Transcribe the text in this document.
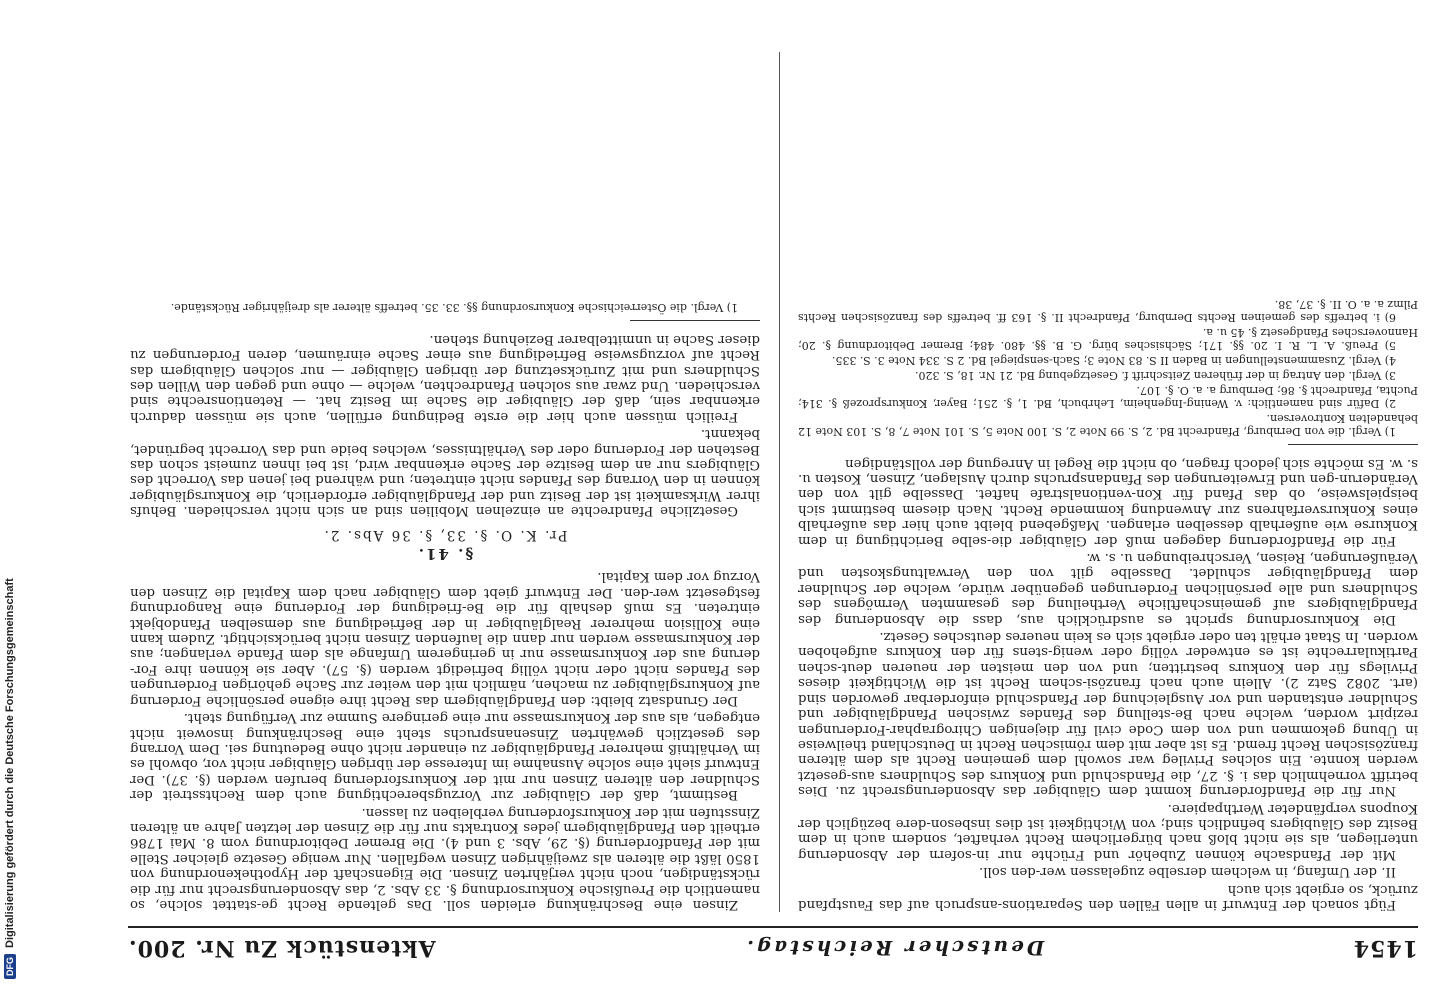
DFG
Digitalisierung gefördert durch die Deutsche Forschungsgemeinschaft	1454
Deutscher Reichstag.
Aktenstück Zu Nr. 200.

Fügt sonach der Entwurf in allen Fällen den Separations-anspruch auf das Faustpfand zurück, so ergiebt sich auch

II. der Umfang, in welchem derselbe zugelassen wer-den soll.

Mit der Pfandsache können Zubehör und Früchte nur in-sofern der Absonderung unterliegen, als sie nicht bloß nach bürgerlichem Recht verhaftet, sondern auch in dem Besitz des Gläubigers befindlich sind; von Wichtigkeit ist dies insbeson-dere bezüglich der Koupons verpfändeter Werthpapiere.

Nur für die Pfandforderung kommt dem Gläubiger das Absonderungsrecht zu. Dies betrifft vornehmlich das i. §. 27, die Pfandschuld und Konkurs des Schuldners aus-gesetzt werden konnte. Ein solches Privileg war sowohl dem gemeinen Recht als dem älteren französischen Recht fremd. Es ist aber mit dem römischen Recht in Deutschland theilweise in Übung gekommen und von dem Code civil für diejenigen Chirographar-Forderungen rezipirt worden, welche nach Be-stellung des Pfandes zwischen Pfandgläubiger und Schuldner entstanden und vor Ausgleichung der Pfandschuld einforderbar geworden sind (art. 2082 Satz 2). Allein auch nach französi-schem Recht ist die Wichtigkeit dieses Privilegs für den Konkurs bestritten; und von den meisten der neueren deut-schen Partikularrechte ist es entweder völlig oder wenig-stens für den Konkurs aufgehoben worden. In Staat erhält ten oder ergiebt sich es kein neueres deutsches Gesetz.

Die Konkursordnung spricht es ausdrücklich aus, dass die Absonderung des Pfandgläubigers auf gemeinschaftliche Vertheilung des gesammten Vermögens des Schuldners und alle persönlichen Forderungen gegenüber würde, welche der Schuldner dem Pfandgläubiger schuldet. Dasselbe gilt von den Verwaltungskosten und Veräußerungen, Reisen, Verschreibungen u. s. w.

Für die Pfandforderung dagegen muß der Gläubiger die-selbe Berichtigung in dem Konkurse wie außerhalb desselben erlangen. Maßgebend bleibt auch hier das außerhalb eines Konkursverfahrens zur Anwendung kommende Recht. Nach diesem bestimmt sich beispielsweise, ob das Pfand für Kon-ventionalstrafe haftet. Dasselbe gilt von den Veränderun-gen und Erweiterungen des Pfandanspruchs durch Auslagen, Zinsen, Kosten u. s. w. Es möchte sich jedoch fragen, ob nicht die Regel in Anregung der vollständigen

1) Vergl. die von Dernburg, Pfandrecht Bd. 2, S. 99 Note 2, S. 100 Note 5, S. 101 Note 7, 8, S. 103 Note 12 behandelten Kontroversen.

2) Dafür sind namentlich: v. Wening-Ingenheim, Lehrbuch, Bd. 1, §. 251; Bayer, Konkursprozeß §. 314; Puchta, Pfandrecht §. 86; Dernburg a. a. O. §. 107.

3) Vergl. den Antrag in der früheren Zeitschrift f. Gesetzgebung Bd. 21 Nr. 18, S. 320.

4) Vergl. Zusammenstellungen in Baden II S. 83 Note 3; Sach-senspiegel Bd. 2 S. 334 Note 3. S. 335.

5) Preuß. A. L. R. I. 20. §§. 171; Sächsisches bürg. G. B. §§. 480. 484; Bremer Debitordnung §. 20; Hannoversches Pfandgesetz §. 45 u. a.

6) i. betreffs des gemeinen Rechts Dernburg, Pfandrecht II. §. 163 ff. betreffs des französischen Rechts Pilmz a. a. O. II. §. 37, 38.

Zinsen eine Beschränkung erleiden soll. Das geltende Recht ge-stattet solche, so namentlich die Preußische Konkursordnung §. 33 Abs. 2, das Absonderungsrecht nur für die rückständigen, noch nicht verjährten Zinsen. Die Eigenschaft der Hypothekenordnung von 1850 läßt die älteren als zweijährigen Zinsen wegfallen. Nur wenige Gesetze gleicher Stelle mit der Pfandforderung (§. 29, Abs. 3 und 4). Die Bremer Debitordnung vom 8. Mai 1786 ertheilt den Pfandgläubigern jedes Kontrakts nur für die Zinsen der letzten Jahre an älteren Zinsstufen mit der Konkursforderung verbleiben zu lassen.

Bestimmt, daß der Gläubiger zur Vorzugsberechtigung auch dem Rechtsstreit der Schuldner den älteren Zinsen nur mit der Konkursforderung berufen werden (§. 37). Der Entwurf sieht eine solche Ausnahme im Interesse der übrigen Gläubiger nicht vor, obwohl es im Verhältniß mehrerer Pfandgläubiger zu einander nicht ohne Bedeutung sei. Dem Vorrang des gesetzlich gewährten Zinsenanspruchs steht eine Beschränkung insoweit nicht entgegen, als aus der Konkursmasse nur eine geringere Summe zur Verfügung steht.

Der Grundsatz bleibt: den Pfandgläubigern das Recht ihre eigene persönliche Forderung auf Konkursgläubiger zu machen, nämlich mit den weiter zur Sache gehörigen Forderungen des Pfandes nicht oder nicht völlig befriedigt werden (§. 57). Aber sie können ihre For-derung aus der Konkursmasse nur in geringerem Umfange als dem Pfande verlangen; aus der Konkursmasse werden nur dann die laufenden Zinsen nicht berücksichtigt. Zudem kann eine Kollision mehrerer Realgläubiger in der Befriedigung aus demselben Pfandobjekt eintreten. Es muß deshalb für die Be-friedigung der Forderung eine Rangordnung festgesetzt wer-den. Der Entwurf giebt dem Gläubiger nach dem Kapital die Zinsen den Vorzug vor dem Kapital.

§. 41.
Pr. K. O. §. 33, §. 36 Abs. 2.

Gesetzliche Pfandrechte an einzelnen Mobilien sind an sich nicht verschieden. Behufs ihrer Wirksamkeit ist der Besitz und der Pfandgläubiger erforderlich, die Konkursgläubiger können in den Vorrang des Pfandes nicht eintreten; und während bei jenen das Vorrecht des Gläubigers nur an dem Besitze der Sache erkennbar wird, ist bei ihnen zumeist schon das Bestehen der Forderung oder des Verhältnisses, welches beide und das Vorrecht begründet, bekannt.

Freilich müssen auch hier die erste Bedingung erfüllen, auch sie müssen dadurch erkennbar sein, daß der Gläubiger die Sache im Besitz hat. — Retentionsrechte sind verschieden. Und zwar aus solchen Pfandrechten, welche — ohne und gegen den Willen des Schuldners und mit Zurücksetzung der übrigen Gläubiger — nur solchen Gläubigern das Recht auf vorzugsweise Befriedigung aus einer Sache einräumen, deren Forderungen zu dieser Sache in unmittelbarer Beziehung stehen.

1) Vergl. die Österreichische Konkursordnung §§. 33. 35. betreffs älterer als dreijähriger Rückstände.
